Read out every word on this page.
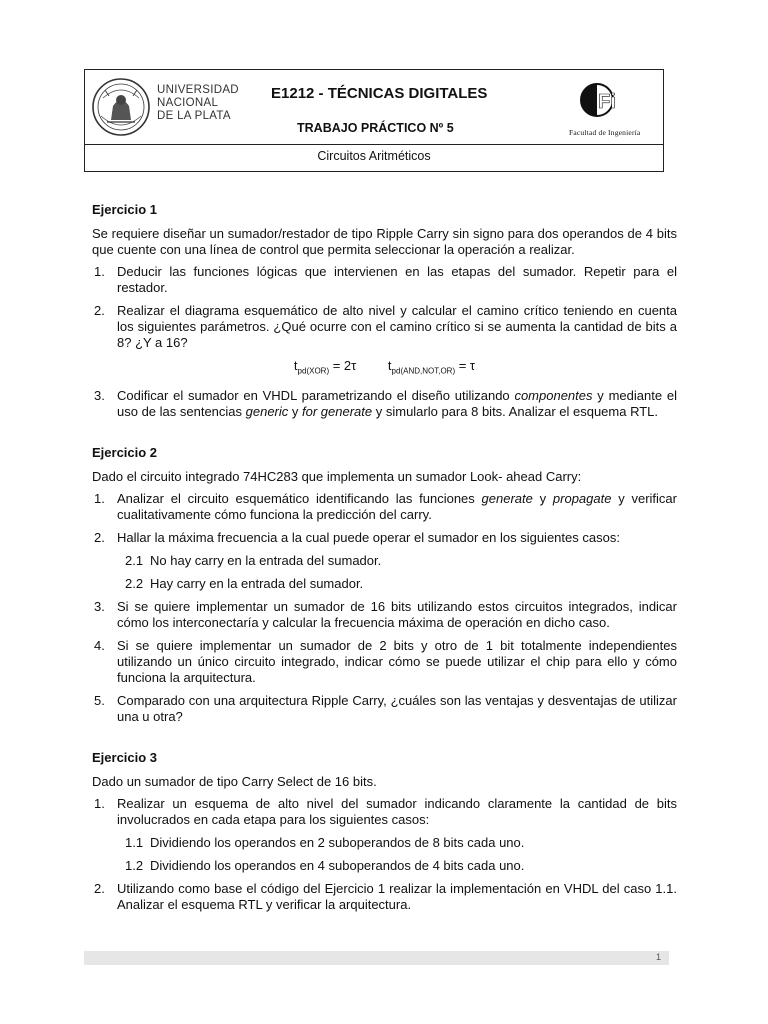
UNIVERSIDAD
NACIONAL
DE LA PLATA
E1212 - TÉCNICAS DIGITALES
TRABAJO PRÁCTICO Nº 5
Fi
Facultad de Ingeniería
Circuitos Aritméticos
Ejercicio 1
Se requiere diseñar un sumador/restador de tipo Ripple Carry sin signo para dos operandos de 4 bits que cuente con una línea de control que permita seleccionar la operación a realizar.
1. Deducir las funciones lógicas que intervienen en las etapas del sumador. Repetir para el restador.
2. Realizar el diagrama esquemático de alto nivel y calcular el camino crítico teniendo en cuenta los siguientes parámetros. ¿Qué ocurre con el camino crítico si se aumenta la cantidad de bits a 8? ¿Y a 16?
$t_{pd(XOR)} = 2\tau$ $t_{pd(AND,NOT,OR)} = \tau$
3. Codificar el sumador en VHDL parametrizando el diseño utilizando componentes y mediante el uso de las sentencias generic y for generate y simularlo para 8 bits. Analizar el esquema RTL.
Ejercicio 2
Dado el circuito integrado 74HC283 que implementa un sumador Look- ahead Carry:
1. Analizar el circuito esquemático identificando las funciones generate y propagate y verificar cualitativamente cómo funciona la predicción del carry.
2. Hallar la máxima frecuencia a la cual puede operar el sumador en los siguientes casos:
2.1 No hay carry en la entrada del sumador.
2.2 Hay carry en la entrada del sumador.
3. Si se quiere implementar un sumador de 16 bits utilizando estos circuitos integrados, indicar cómo los interconectaría y calcular la frecuencia máxima de operación en dicho caso.
4. Si se quiere implementar un sumador de 2 bits y otro de 1 bit totalmente independientes utilizando un único circuito integrado, indicar cómo se puede utilizar el chip para ello y cómo funciona la arquitectura.
5. Comparado con una arquitectura Ripple Carry, ¿cuáles son las ventajas y desventajas de utilizar una u otra?
Ejercicio 3
Dado un sumador de tipo Carry Select de 16 bits.
1. Realizar un esquema de alto nivel del sumador indicando claramente la cantidad de bits involucrados en cada etapa para los siguientes casos:
1.1 Dividiendo los operandos en 2 suboperandos de 8 bits cada uno.
1.2 Dividiendo los operandos en 4 suboperandos de 4 bits cada uno.
2. Utilizando como base el código del Ejercicio 1 realizar la implementación en VHDL del caso 1.1. Analizar el esquema RTL y verificar la arquitectura.
1
